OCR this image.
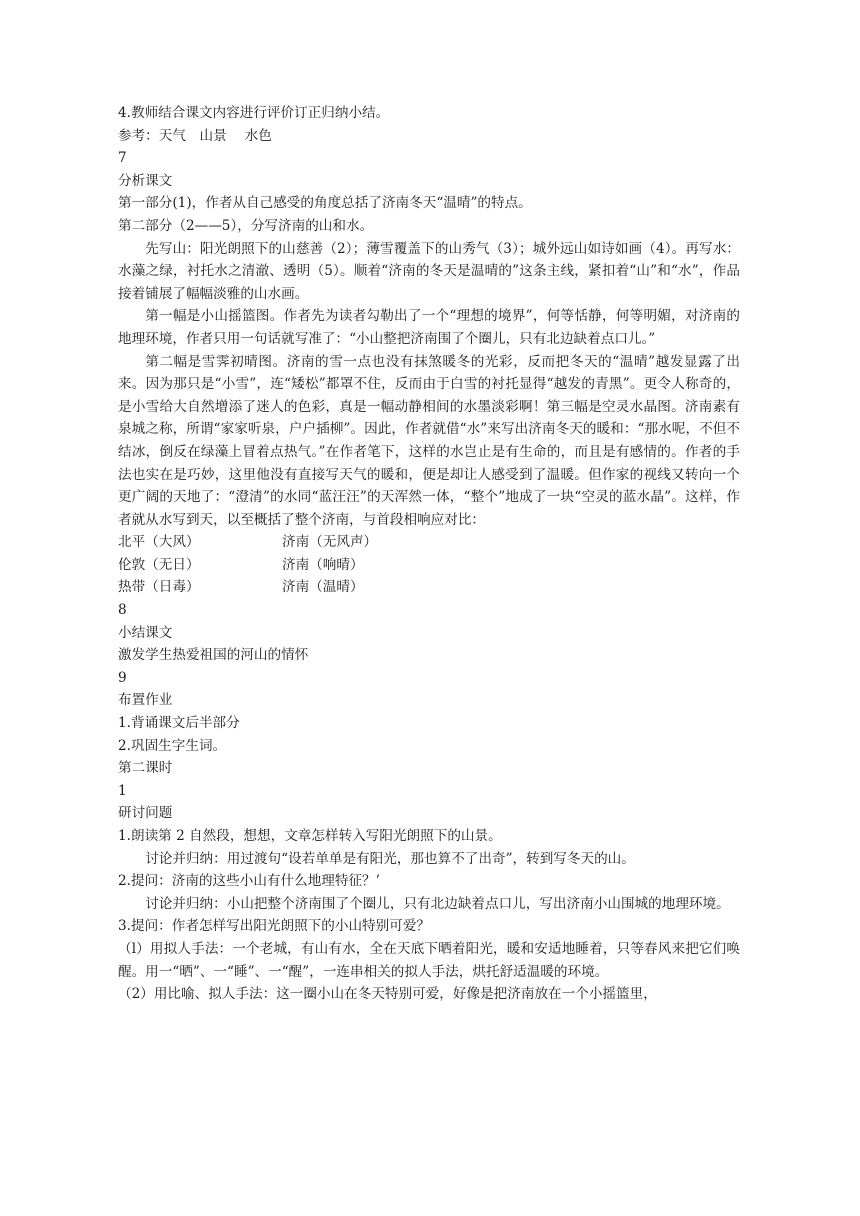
4.教师结合课文内容进行评价订正归纳小结。

参考：天气　山景　 水色

7

分析课文

第一部分(1)，作者从自己感受的角度总括了济南冬天“温晴”的特点。

第二部分（2——5），分写济南的山和水。

先写山：阳光朗照下的山慈善（2）；薄雪覆盖下的山秀气（3）；城外远山如诗如画（4）。再写水：水藻之绿，衬托水之清澈、透明（5）。顺着“济南的冬天是温晴的”这条主线，紧扣着“山”和“水”，作品接着铺展了幅幅淡雅的山水画。

第一幅是小山摇篮图。作者先为读者勾勒出了一个“理想的境界”，何等恬静，何等明媚，对济南的地理环境，作者只用一句话就写准了：“小山整把济南围了个圈儿，只有北边缺着点口儿。”

第二幅是雪霁初晴图。济南的雪一点也没有抹煞暖冬的光彩，反而把冬天的“温晴”越发显露了出来。因为那只是“小雪”，连“矮松”都罩不住，反而由于白雪的衬托显得“越发的青黑”。更令人称奇的，是小雪给大自然增添了迷人的色彩，真是一幅动静相间的水墨淡彩啊！第三幅是空灵水晶图。济南素有泉城之称，所谓“家家听泉，户户插柳”。因此，作者就借“水”来写出济南冬天的暖和：“那水呢，不但不结冰，倒反在绿藻上冒着点热气。”在作者笔下，这样的水岂止是有生命的，而且是有感情的。作者的手法也实在是巧妙，这里他没有直接写天气的暖和，便是却让人感受到了温暖。但作家的视线又转向一个更广阔的天地了：“澄清”的水同“蓝汪汪”的天浑然一体，“整个”地成了一块“空灵的蓝水晶”。这样，作者就从水写到天，以至概括了整个济南，与首段相响应对比：

北平（大风）	济南（无风声）
伦敦（无日）	济南（响晴）
热带（日毒）	济南（温晴）

8

小结课文

激发学生热爱祖国的河山的情怀

9

布置作业

1.背诵课文后半部分

2.巩固生字生词。

第二课时

1

研讨问题

1.朗读第 2 自然段，想想，文章怎样转入写阳光朗照下的山景。

讨论并归纳：用过渡句“设若单单是有阳光，那也算不了出奇”，转到写冬天的山。

2.提问：济南的这些小山有什么地理特征？’

讨论并归纳：小山把整个济南围了个圈儿，只有北边缺着点口儿，写出济南小山围城的地理环境。

3.提问：作者怎样写出阳光朗照下的小山特别可爱？

（l）用拟人手法：一个老城，有山有水，全在天底下晒着阳光，暖和安适地睡着，只等春风来把它们唤醒。用一“晒”、一“睡”、一“醒”，一连串相关的拟人手法，烘托舒适温暖的环境。

（2）用比喻、拟人手法：这一圈小山在冬天特别可爱，好像是把济南放在一个小摇篮里，
